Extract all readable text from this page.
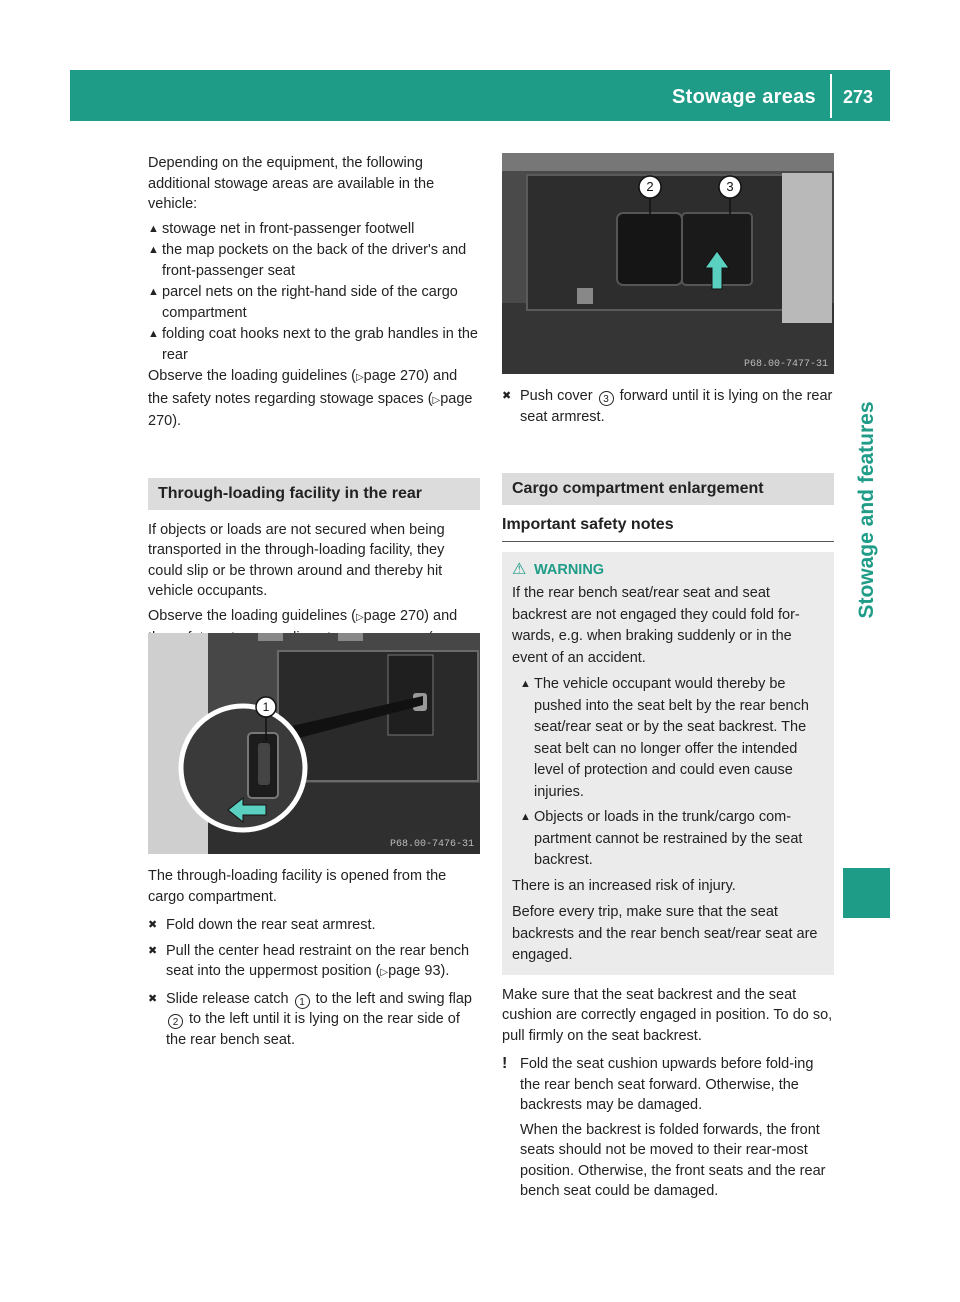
Stowage areas 273
Stowage and features

Depending on the equipment, the following additional stowage areas are available in the vehicle:

▲ stowage net in front-passenger footwell
▲ the map pockets on the back of the driver's and front-passenger seat
▲ parcel nets on the right-hand side of the cargo compartment
▲ folding coat hooks next to the grab handles in the rear

Observe the loading guidelines (▷page 270) and the safety notes regarding stowage spaces (▷page 270).

Through-loading facility in the rear

If objects or loads are not secured when being transported in the through-loading facility, they could slip or be thrown around and thereby hit vehicle occupants.

Observe the loading guidelines (▷page 270) and

1
P68.00-7476-31

The through-loading facility is opened from the cargo compartment.

✖ Fold down the rear seat armrest.
✖ Pull the center head restraint on the rear bench seat into the uppermost position (▷page 93).
✖ Slide release catch 1 to the left and swing flap 2 to the left until it is lying on the rear side of the rear bench seat.
2	3
P68.00-7477-31
✖ Push cover 3 forward until it is lying on the rear seat armrest.
Cargo compartment enlargement
Important safety notes
⚠ WARNING

If the rear bench seat/rear seat and seat backrest are not engaged they could fold for-wards, e.g. when braking suddenly or in the event of an accident.

▲ The vehicle occupant would thereby be pushed into the seat belt by the rear bench seat/rear seat or by the seat backrest. The seat belt can no longer offer the intended level of protection and could even cause injuries.
▲ Objects or loads in the trunk/cargo com-partment cannot be restrained by the seat backrest.

There is an increased risk of injury.

Before every trip, make sure that the seat backrests and the rear bench seat/rear seat are engaged.

Make sure that the seat backrest and the seat cushion are correctly engaged in position. To do so, pull firmly on the seat backrest.

! Fold the seat cushion upwards before fold-ing the rear bench seat forward. Otherwise, the backrests may be damaged.

When the backrest is folded forwards, the front seats should not be moved to their rear-most position. Otherwise, the front seats and the rear bench seat could be damaged.
